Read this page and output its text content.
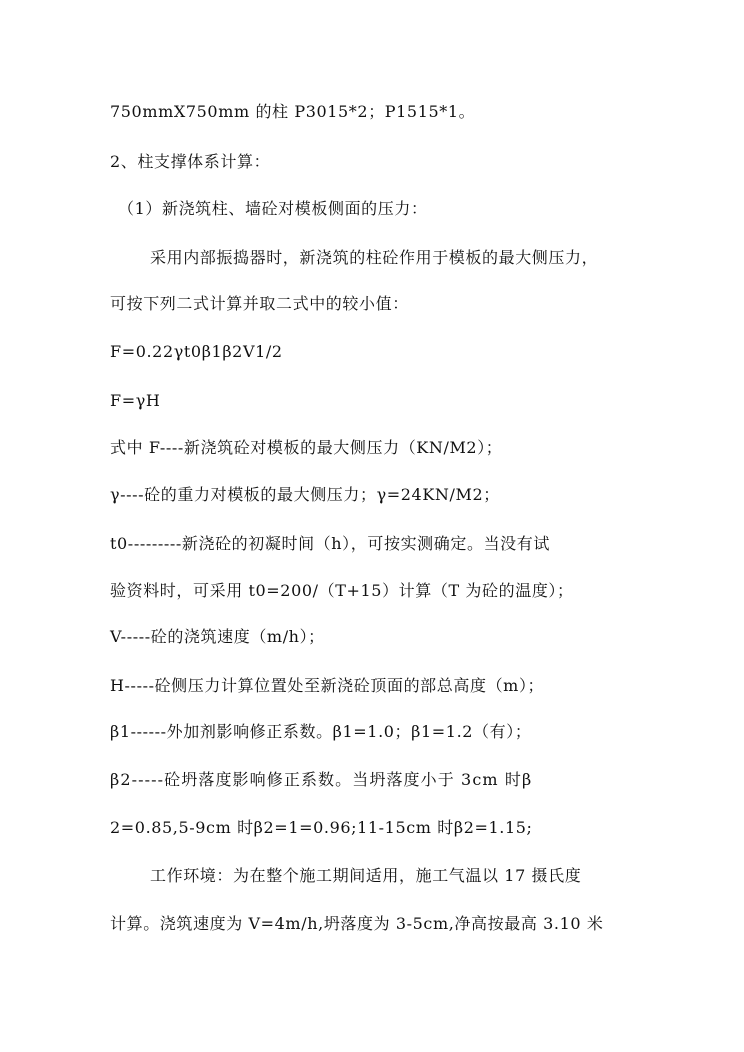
750mmX750mm 的柱 P3015*2；P1515*1。
2、柱支撑体系计算：
（1）新浇筑柱、墙砼对模板侧面的压力：
采用内部振捣器时，新浇筑的柱砼作用于模板的最大侧压力，
可按下列二式计算并取二式中的较小值：
F=0.22γt0β1β2V1/2
F=γH
式中 F----新浇筑砼对模板的最大侧压力（KN/M2）；
γ----砼的重力对模板的最大侧压力；γ=24KN/M2；
t0---------新浇砼的初凝时间（h），可按实测确定。当没有试
验资料时，可采用 t0=200/（T+15）计算（T 为砼的温度）；
V-----砼的浇筑速度（m/h）；
H-----砼侧压力计算位置处至新浇砼顶面的部总高度（m）；
β1------外加剂影响修正系数。β1=1.0；β1=1.2（有）；
β2-----砼坍落度影响修正系数。当坍落度小于 3cm 时β
2=0.85,5-9cm 时β2=1=0.96;11-15cm 时β2=1.15;
工作环境：为在整个施工期间适用，施工气温以 17 摄氏度
计算。浇筑速度为 V=4m/h,坍落度为 3-5cm,净高按最高 3.10 米
